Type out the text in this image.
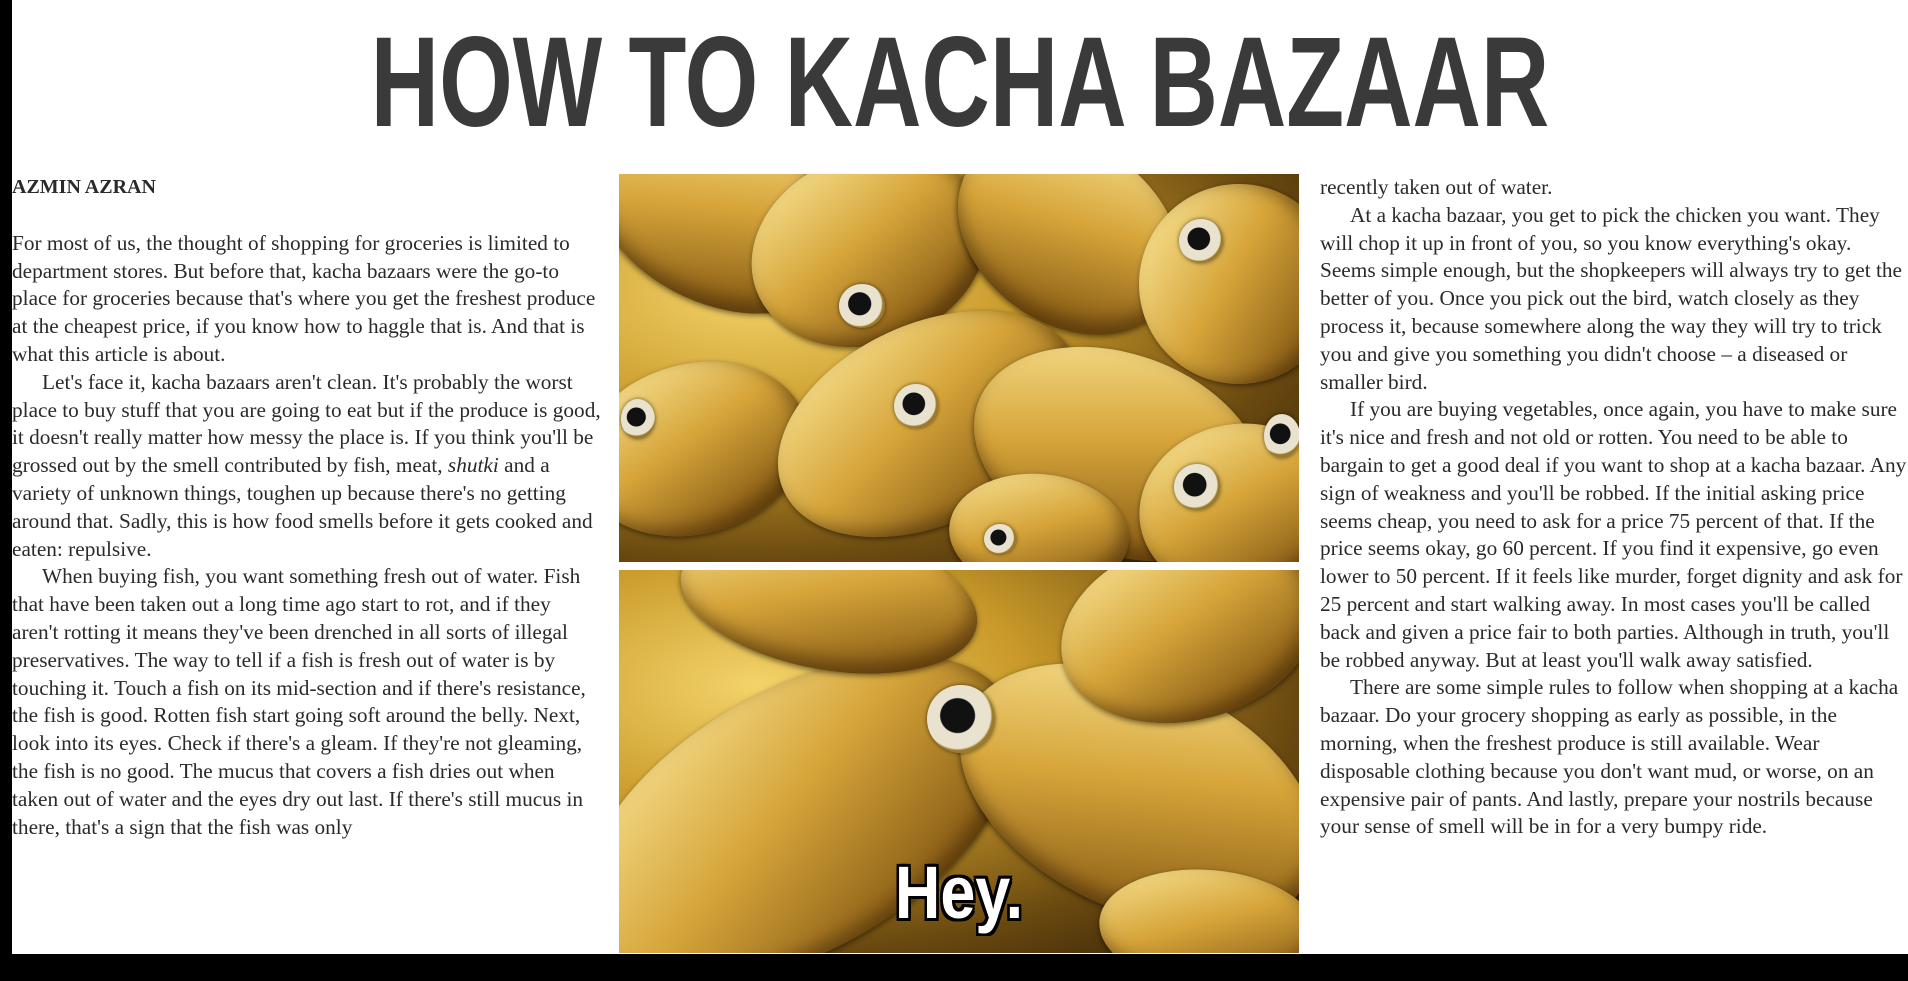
HOW TO KACHA BAZAAR
AZMIN AZRAN

For most of us, the thought of shopping for groceries is limited to department stores. But before that, kacha bazaars were the go-to place for groceries because that's where you get the freshest produce at the cheapest price, if you know how to haggle that is. And that is what this article is about.

Let's face it, kacha bazaars aren't clean. It's probably the worst place to buy stuff that you are going to eat but if the produce is good, it doesn't really matter how messy the place is. If you think you'll be grossed out by the smell contributed by fish, meat, shutki and a variety of unknown things, toughen up because there's no getting around that. Sadly, this is how food smells before it gets cooked and eaten: repulsive.

When buying fish, you want something fresh out of water. Fish that have been taken out a long time ago start to rot, and if they aren't rotting it means they've been drenched in all sorts of illegal preservatives. The way to tell if a fish is fresh out of water is by touching it. Touch a fish on its mid-section and if there's resistance, the fish is good. Rotten fish start going soft around the belly. Next, look into its eyes. Check if there's a gleam. If they're not gleaming, the fish is no good. The mucus that covers a fish dries out when taken out of water and the eyes dry out last. If there's still mucus in there, that's a sign that the fish was only

Hey.

recently taken out of water.

At a kacha bazaar, you get to pick the chicken you want. They will chop it up in front of you, so you know everything's okay. Seems simple enough, but the shopkeepers will always try to get the better of you. Once you pick out the bird, watch closely as they process it, because somewhere along the way they will try to trick you and give you something you didn't choose – a diseased or smaller bird.

If you are buying vegetables, once again, you have to make sure it's nice and fresh and not old or rotten. You need to be able to bargain to get a good deal if you want to shop at a kacha bazaar. Any sign of weakness and you'll be robbed. If the initial asking price seems cheap, you need to ask for a price 75 percent of that. If the price seems okay, go 60 percent. If you find it expensive, go even lower to 50 percent. If it feels like murder, forget dignity and ask for 25 percent and start walking away. In most cases you'll be called back and given a price fair to both parties. Although in truth, you'll be robbed anyway. But at least you'll walk away satisfied.

There are some simple rules to follow when shopping at a kacha bazaar. Do your grocery shopping as early as possible, in the morning, when the freshest produce is still available. Wear disposable clothing because you don't want mud, or worse, on an expensive pair of pants. And lastly, prepare your nostrils because your sense of smell will be in for a very bumpy ride.
